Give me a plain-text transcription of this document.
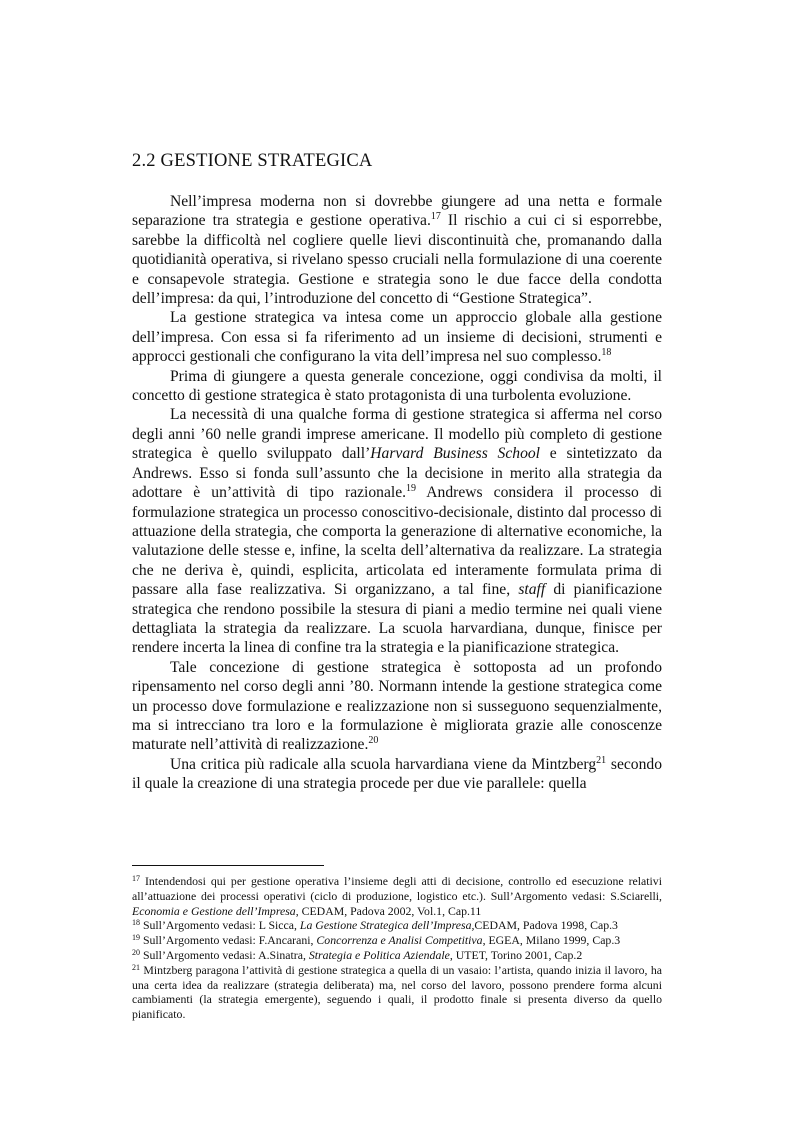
2.2 GESTIONE STRATEGICA

Nell’impresa moderna non si dovrebbe giungere ad una netta e formale separazione tra strategia e gestione operativa.$^{17}$ Il rischio a cui ci si esporrebbe, sarebbe la difficoltà nel cogliere quelle lievi discontinuità che, promanando dalla quotidianità operativa, si rivelano spesso cruciali nella formulazione di una coerente e consapevole strategia. Gestione e strategia sono le due facce della condotta dell’impresa: da qui, l’introduzione del concetto di “Gestione Strategica”.

La gestione strategica va intesa come un approccio globale alla gestione dell’impresa. Con essa si fa riferimento ad un insieme di decisioni, strumenti e approcci gestionali che configurano la vita dell’impresa nel suo complesso.$^{18}$

Prima di giungere a questa generale concezione, oggi condivisa da molti, il concetto di gestione strategica è stato protagonista di una turbolenta evoluzione.

La necessità di una qualche forma di gestione strategica si afferma nel corso degli anni ’60 nelle grandi imprese americane. Il modello più completo di gestione strategica è quello sviluppato dall’Harvard Business School e sintetizzato da Andrews. Esso si fonda sull’assunto che la decisione in merito alla strategia da adottare è un’attività di tipo razionale.$^{19}$ Andrews considera il processo di formulazione strategica un processo conoscitivo-decisionale, distinto dal processo di attuazione della strategia, che comporta la generazione di alternative economiche, la valutazione delle stesse e, infine, la scelta dell’alternativa da realizzare. La strategia che ne deriva è, quindi, esplicita, articolata ed interamente formulata prima di passare alla fase realizzativa. Si organizzano, a tal fine, staff di pianificazione strategica che rendono possibile la stesura di piani a medio termine nei quali viene dettagliata la strategia da realizzare. La scuola harvardiana, dunque, finisce per rendere incerta la linea di confine tra la strategia e la pianificazione strategica.

Tale concezione di gestione strategica è sottoposta ad un profondo ripensamento nel corso degli anni ’80. Normann intende la gestione strategica come un processo dove formulazione e realizzazione non si susseguono sequenzialmente, ma si intrecciano tra loro e la formulazione è migliorata grazie alle conoscenze maturate nell’attività di realizzazione.$^{20}$

Una critica più radicale alla scuola harvardiana viene da Mintzberg$^{21}$ secondo il quale la creazione di una strategia procede per due vie parallele: quella

$^{17}$ Intendendosi qui per gestione operativa l’insieme degli atti di decisione, controllo ed esecuzione relativi all’attuazione dei processi operativi (ciclo di produzione, logistico etc.). Sull’Argomento vedasi: S.Sciarelli, Economia e Gestione dell’Impresa, CEDAM, Padova 2002, Vol.1, Cap.11

$^{18}$ Sull’Argomento vedasi: L Sicca, La Gestione Strategica dell’Impresa,CEDAM, Padova 1998, Cap.3

$^{19}$ Sull’Argomento vedasi: F.Ancarani, Concorrenza e Analisi Competitiva, EGEA, Milano 1999, Cap.3

$^{20}$ Sull’Argomento vedasi: A.Sinatra, Strategia e Politica Aziendale, UTET, Torino 2001, Cap.2

$^{21}$ Mintzberg paragona l’attività di gestione strategica a quella di un vasaio: l’artista, quando inizia il lavoro, ha una certa idea da realizzare (strategia deliberata) ma, nel corso del lavoro, possono prendere forma alcuni cambiamenti (la strategia emergente), seguendo i quali, il prodotto finale si presenta diverso da quello pianificato.
